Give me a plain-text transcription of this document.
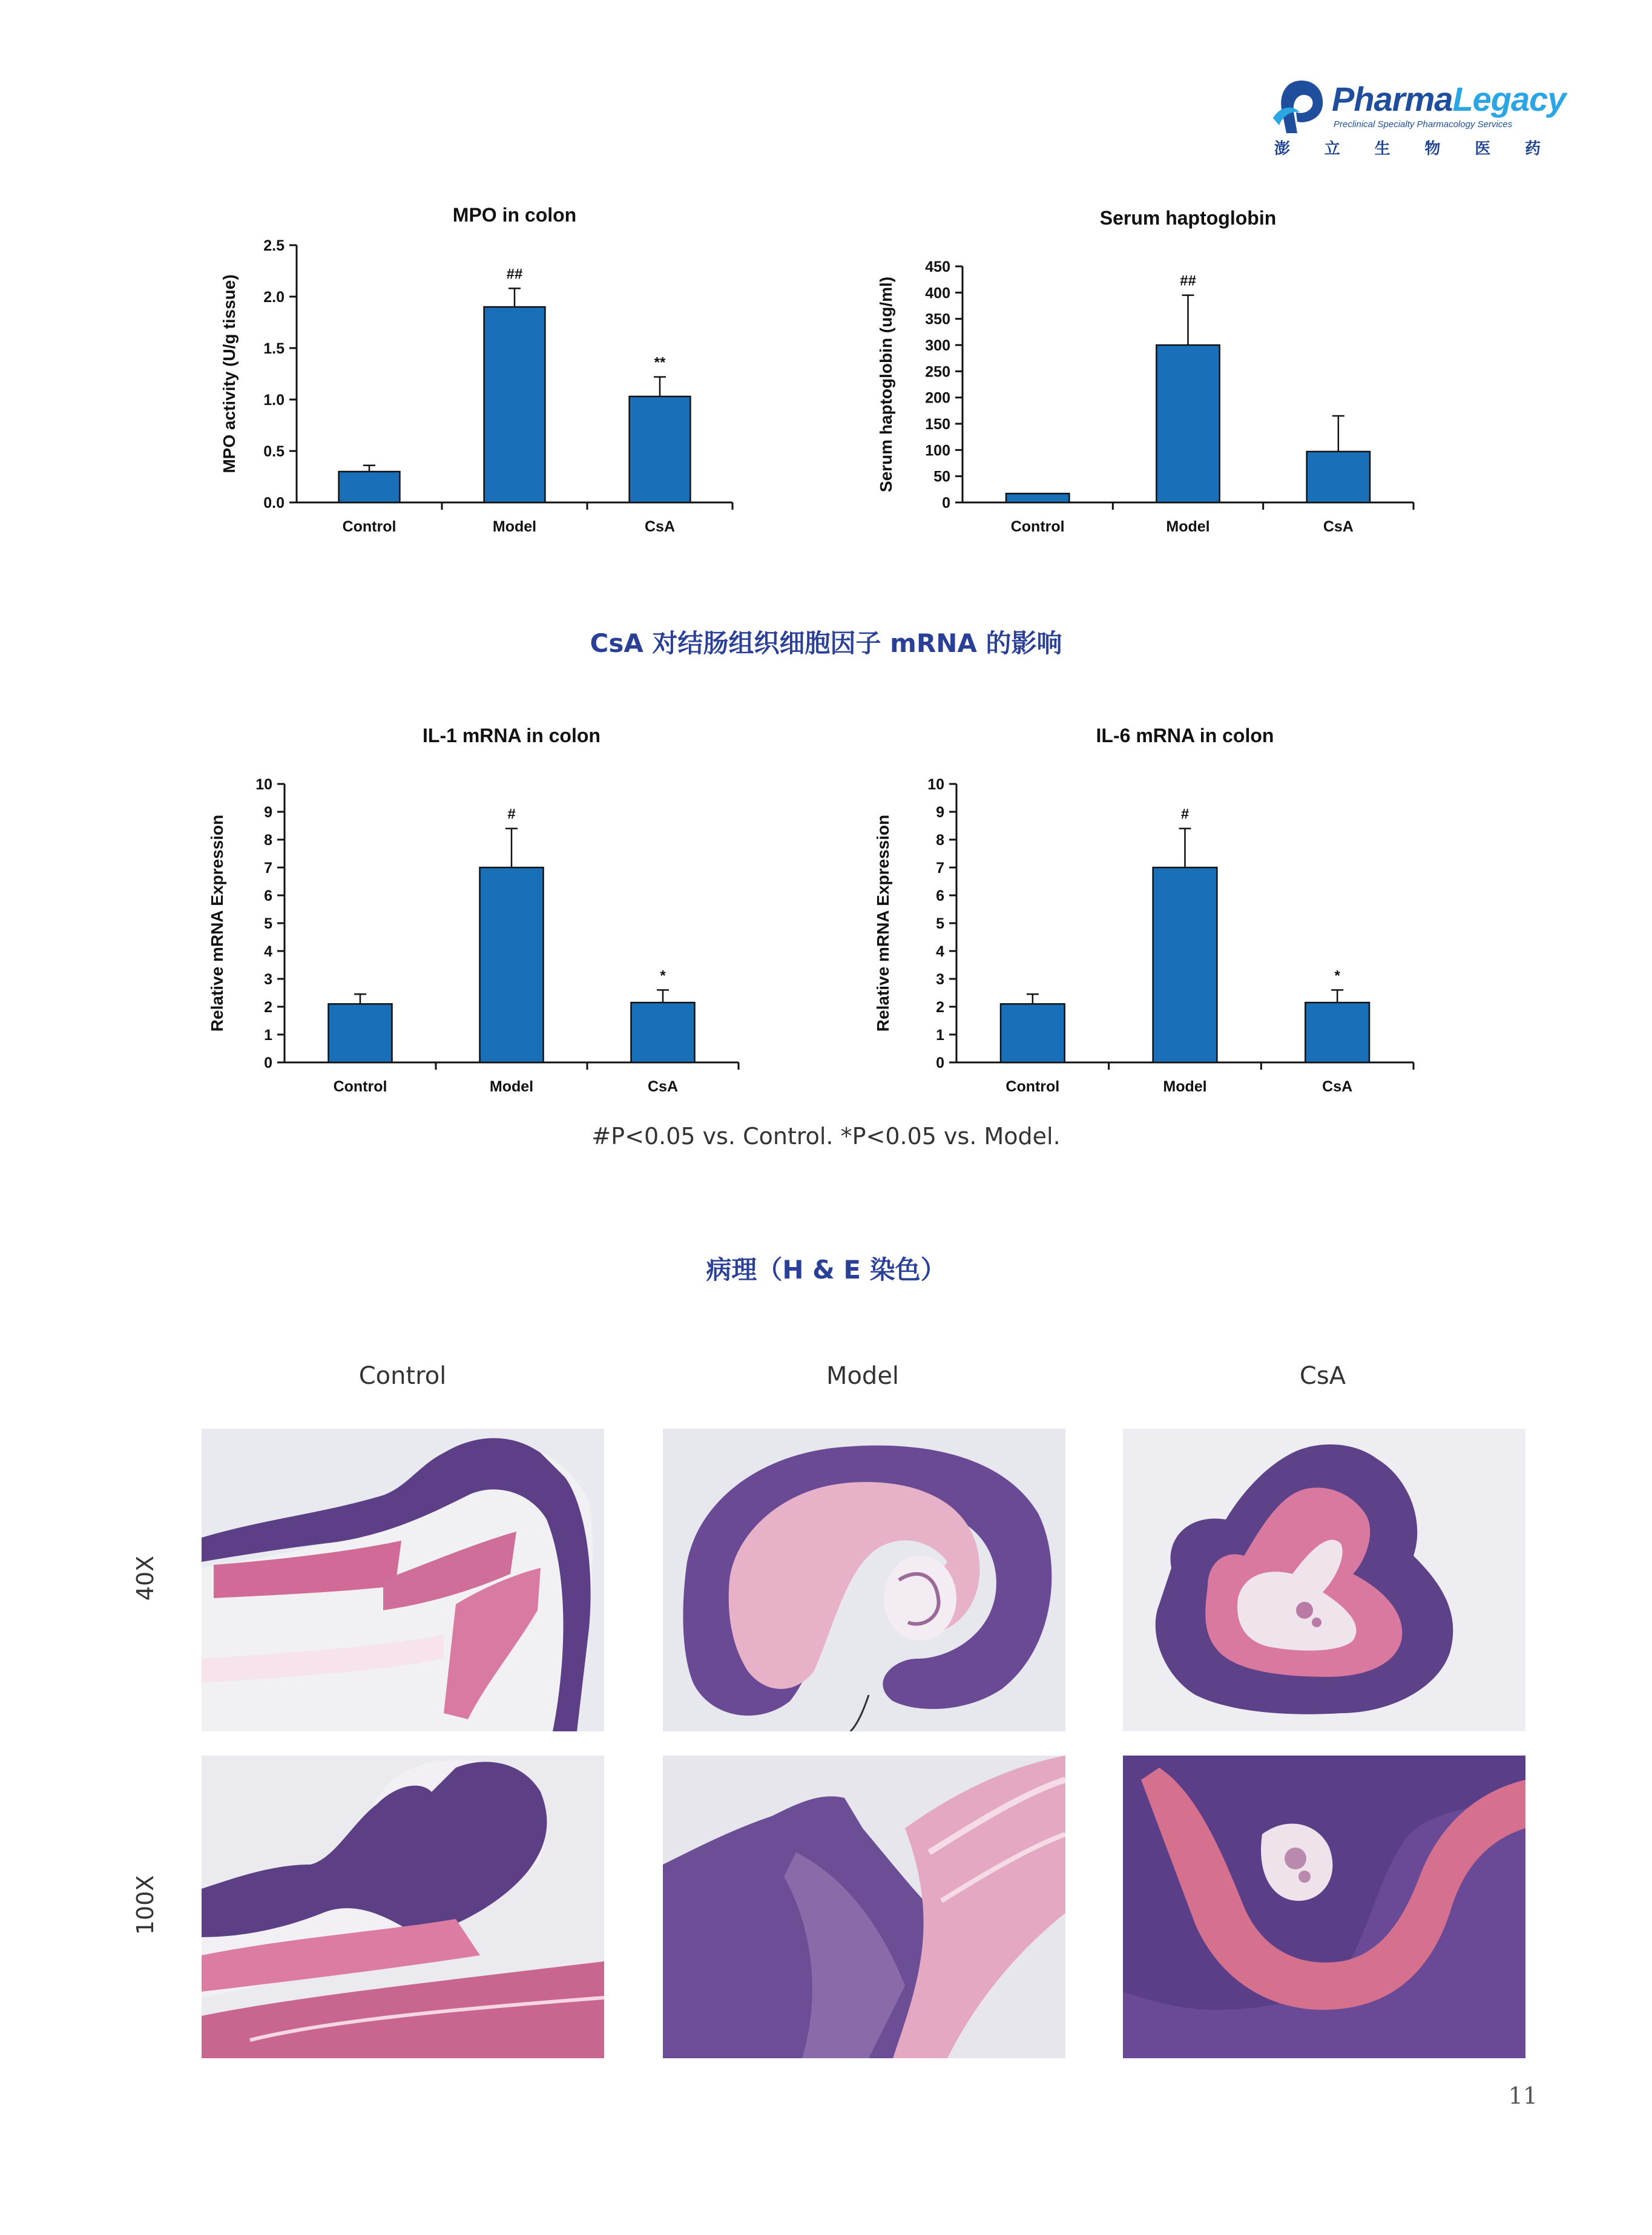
PharmaLegacy
Preclinical Specialty Pharmacology Services
澎 立 生 物 医 药
MPO in colon
MPO activity (U/g tissue)
0.0
0.5
1.0
1.5
2.0
2.5
Control
##
Model
**
CsA
Serum haptoglobin
Serum haptoglobin (ug/ml)
0
50
100
150
200
250
300
350
400
450
Control
##
Model	CsA
CsA 对结肠组织细胞因子 mRNA 的影响
IL-1 mRNA in colon
Relative mRNA Expression
0
1
2
3
4
5
6
7
8
9
10
Control
#
Model
*
CsA
IL-6 mRNA in colon
Relative mRNA Expression
0
1
2
3
4
5
6
7
8
9
10
Control
#
Model
*
CsA
#P<0.05 vs. Control. *P<0.05 vs. Model.
病理（H & E 染色）
Control	Model	CsA
40X
100X
11
